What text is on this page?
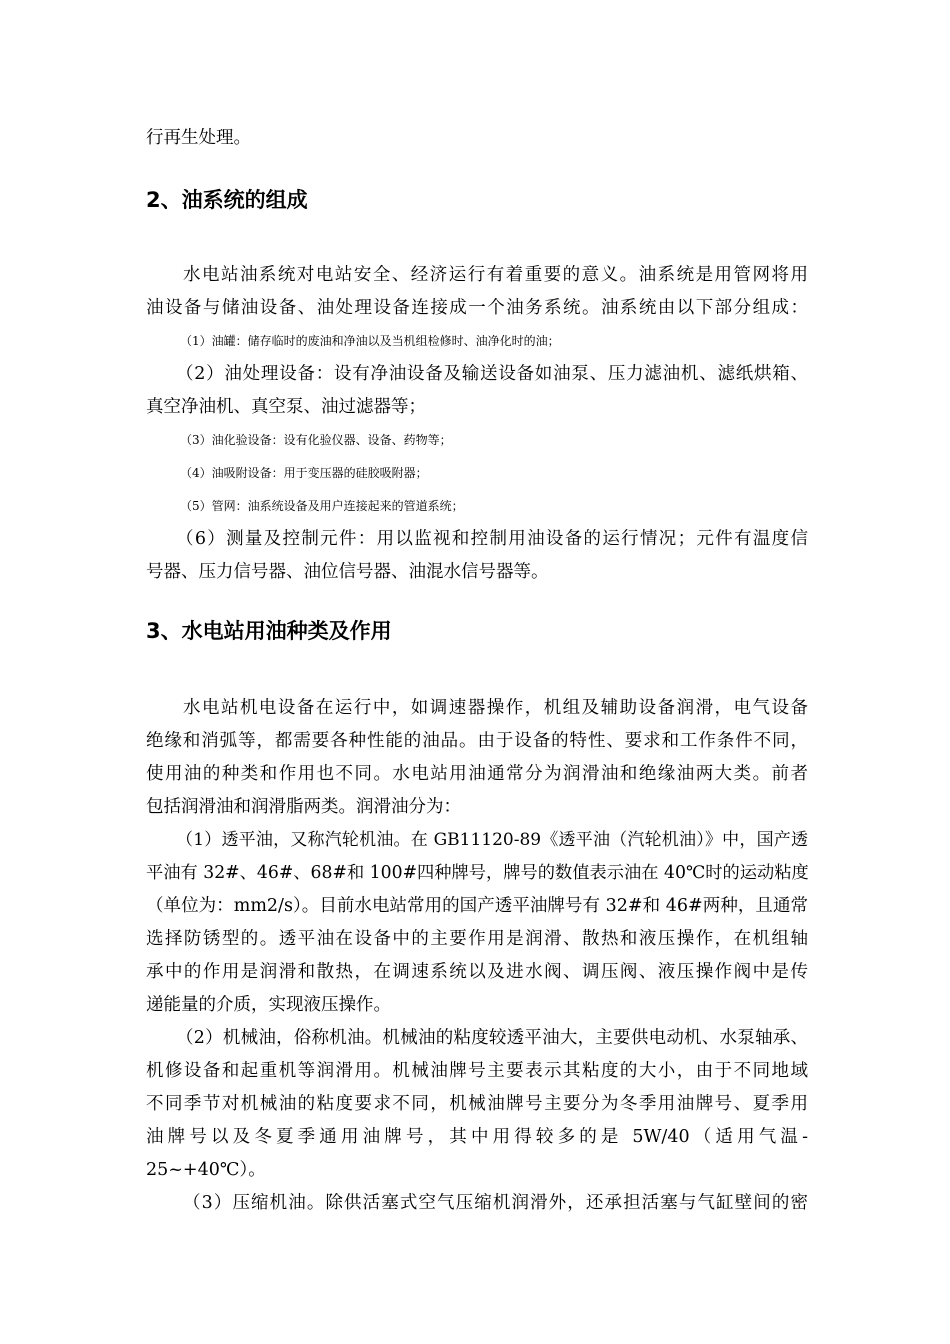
行再生处理。
2、油系统的组成
水电站油系统对电站安全、经济运行有着重要的意义。油系统是用管网将用
油设备与储油设备、油处理设备连接成一个油务系统。油系统由以下部分组成：
（1）油罐：储存临时的废油和净油以及当机组检修时、油净化时的油；
（2）油处理设备：设有净油设备及输送设备如油泵、压力滤油机、滤纸烘箱、
真空净油机、真空泵、油过滤器等；
（3）油化验设备：设有化验仪器、设备、药物等；
（4）油吸附设备：用于变压器的硅胶吸附器；
（5）管网：油系统设备及用户连接起来的管道系统；
（6）测量及控制元件：用以监视和控制用油设备的运行情况；元件有温度信
号器、压力信号器、油位信号器、油混水信号器等。
3、水电站用油种类及作用
水电站机电设备在运行中，如调速器操作，机组及辅助设备润滑，电气设备
绝缘和消弧等，都需要各种性能的油品。由于设备的特性、要求和工作条件不同，
使用油的种类和作用也不同。水电站用油通常分为润滑油和绝缘油两大类。前者
包括润滑油和润滑脂两类。润滑油分为：
（1）透平油，又称汽轮机油。在 GB11120-89《透平油（汽轮机油）》中，国产透
平油有 32#、46#、68#和 100#四种牌号，牌号的数值表示油在 40℃时的运动粘度
（单位为：mm2/s）。目前水电站常用的国产透平油牌号有 32#和 46#两种，且通常
选择防锈型的。透平油在设备中的主要作用是润滑、散热和液压操作，在机组轴
承中的作用是润滑和散热，在调速系统以及进水阀、调压阀、液压操作阀中是传
递能量的介质，实现液压操作。
（2）机械油，俗称机油。机械油的粘度较透平油大，主要供电动机、水泵轴承、
机修设备和起重机等润滑用。机械油牌号主要表示其粘度的大小，由于不同地域
不同季节对机械油的粘度要求不同，机械油牌号主要分为冬季用油牌号、夏季用
油牌号以及冬夏季通用油牌号，其中用得较多的是 5W/40（适用气温-
25~+40℃）。
（3）压缩机油。除供活塞式空气压缩机润滑外，还承担活塞与气缸壁间的密
